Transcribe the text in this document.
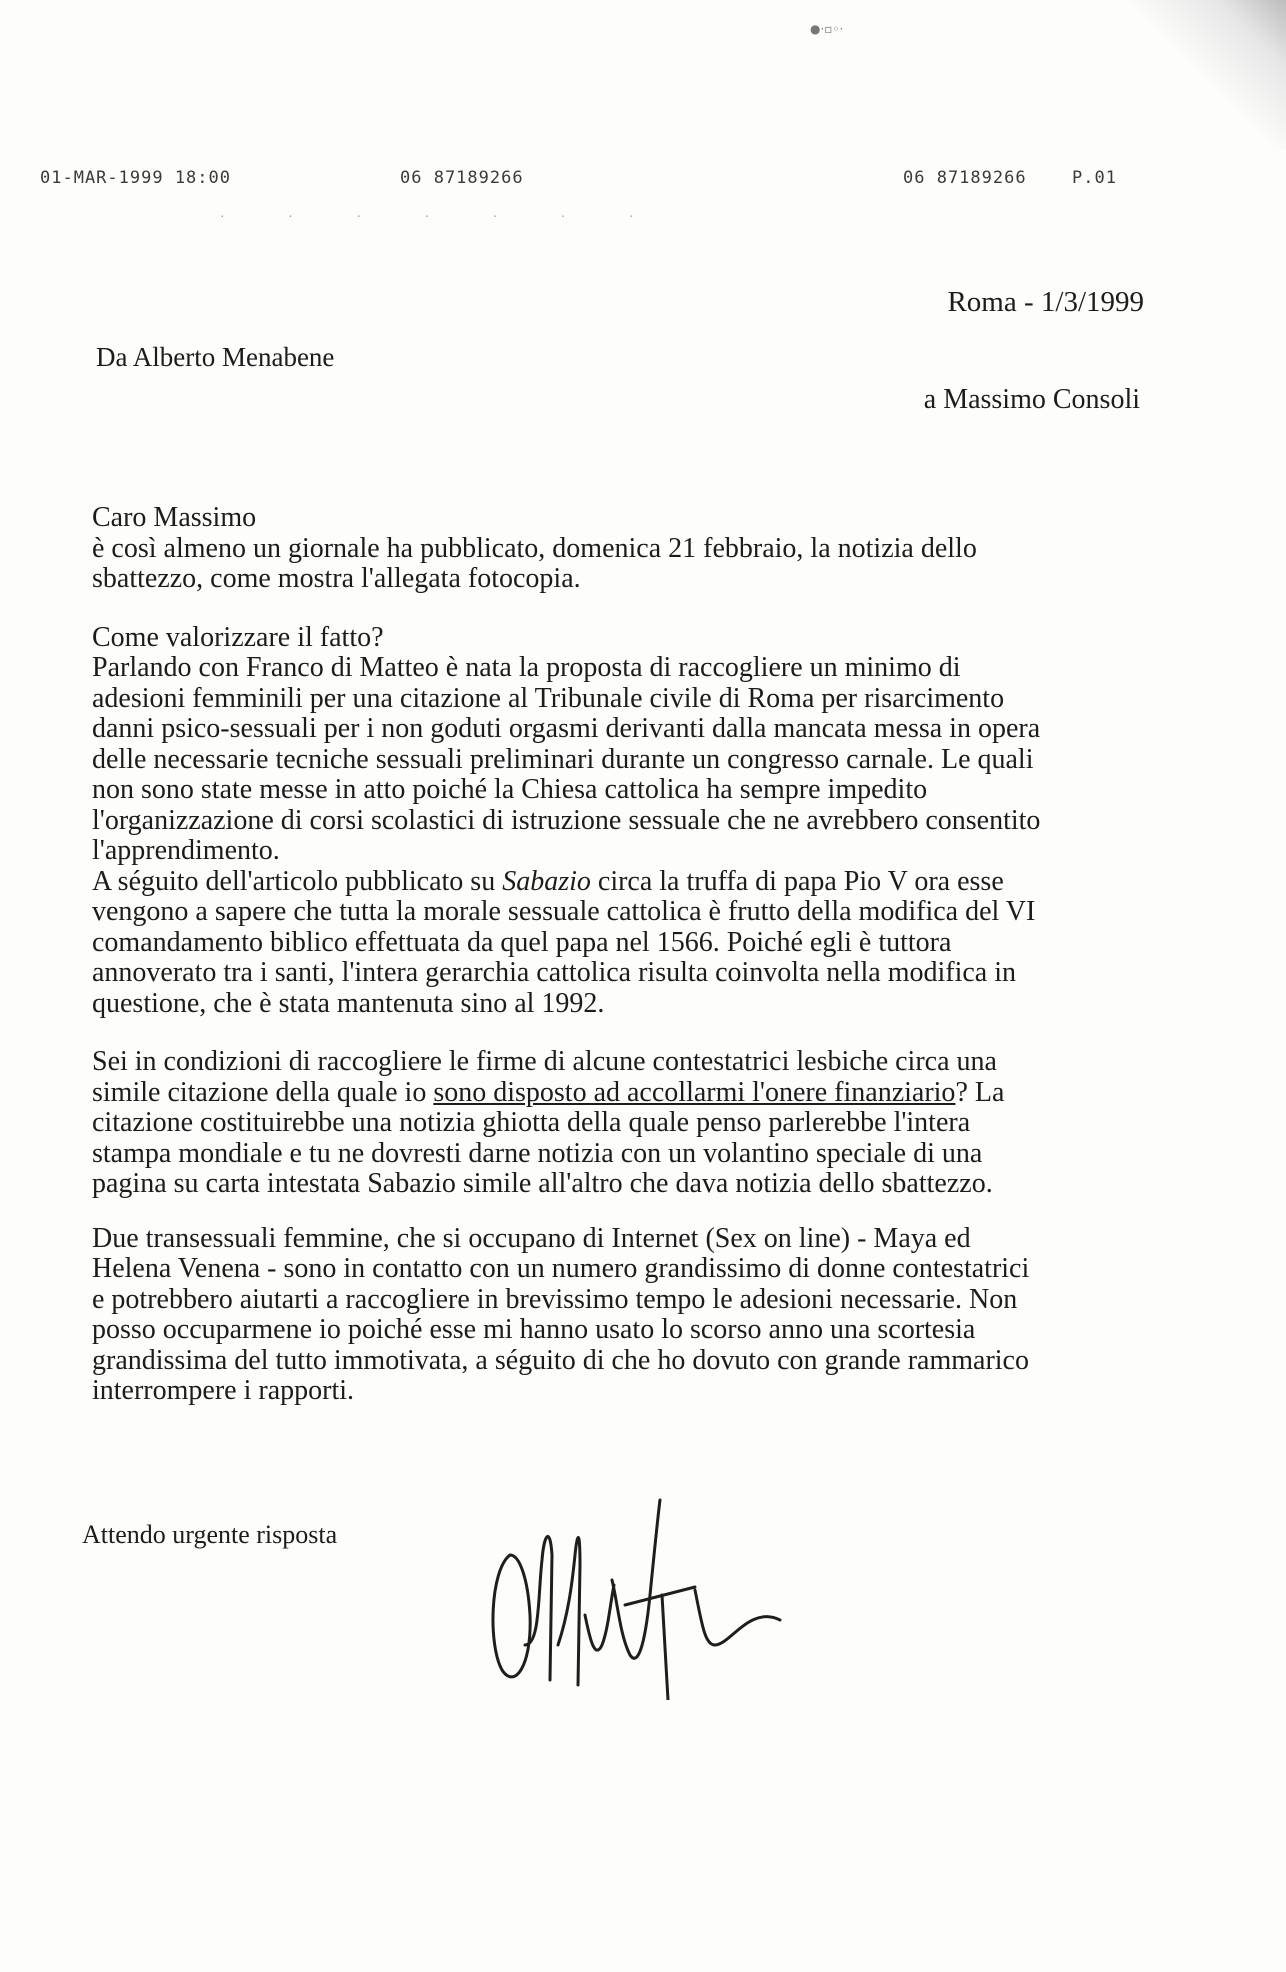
●·▫◦·
01-MAR-1999 18:00	06 87189266	06 87189266	P.01
· · · · · · ·
Roma - 1/3/1999
Da Alberto Menabene
a Massimo Consoli

Caro Massimo

è così almeno un giornale ha pubblicato, domenica 21 febbraio, la notizia dello

sbattezzo, come mostra l'allegata fotocopia.

Come valorizzare il fatto?

Parlando con Franco di Matteo è nata la proposta di raccogliere un minimo di

adesioni femminili per una citazione al Tribunale civile di Roma per risarcimento

danni psico-sessuali per i non goduti orgasmi derivanti dalla mancata messa in opera

delle necessarie tecniche sessuali preliminari durante un congresso carnale. Le quali

non sono state messe in atto poiché la Chiesa cattolica ha sempre impedito

l'organizzazione di corsi scolastici di istruzione sessuale che ne avrebbero consentito

l'apprendimento.

A séguito dell'articolo pubblicato su Sabazio circa la truffa di papa Pio V ora esse

vengono a sapere che tutta la morale sessuale cattolica è frutto della modifica del VI

comandamento biblico effettuata da quel papa nel 1566. Poiché egli è tuttora

annoverato tra i santi, l'intera gerarchia cattolica risulta coinvolta nella modifica in

questione, che è stata mantenuta sino al 1992.

Sei in condizioni di raccogliere le firme di alcune contestatrici lesbiche circa una

simile citazione della quale io sono disposto ad accollarmi l'onere finanziario? La

citazione costituirebbe una notizia ghiotta della quale penso parlerebbe l'intera

stampa mondiale e tu ne dovresti darne notizia con un volantino speciale di una

pagina su carta intestata Sabazio simile all'altro che dava notizia dello sbattezzo.

Due transessuali femmine, che si occupano di Internet (Sex on line) - Maya ed

Helena Venena - sono in contatto con un numero grandissimo di donne contestatrici

e potrebbero aiutarti a raccogliere in brevissimo tempo le adesioni necessarie. Non

posso occuparmene io poiché esse mi hanno usato lo scorso anno una scortesia

grandissima del tutto immotivata, a séguito di che ho dovuto con grande rammarico

interrompere i rapporti.

Attendo urgente risposta
